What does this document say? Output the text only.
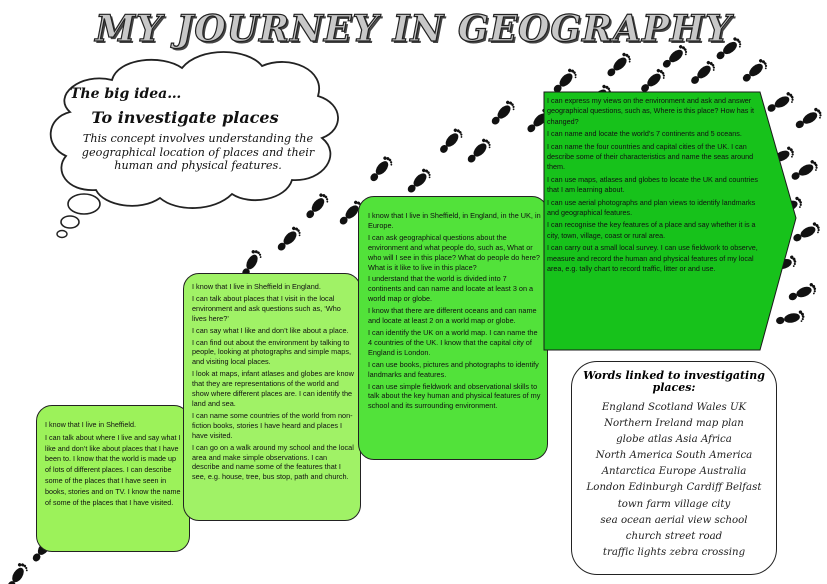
MY JOURNEY IN GEOGRAPHY
The big idea…
To investigate places
This concept involves understanding the geographical location of places and their human and physical features.

I know that I live in Sheffield.

I can talk about where I live and say what I like and don’t like about places that I have been to. I know that the world is made up of lots of different places. I can describe some of the places that I have seen in books, stories and on TV. I know the name of some of the places that I have visited.

I know that I live in Sheffield in England.

I can talk about places that I visit in the local environment and ask questions such as, ‘Who lives here?’

I can say what I like and don’t like about a place.

I can find out about the environment by talking to people, looking at photographs and simple maps, and visiting local places.

I look at maps, infant atlases and globes are know that they are representations of the world and show where different places are. I can identify the land and sea.

I can name some countries of the world from non-fiction books, stories I have heard and places I have visited.

I can go on a walk around my school and the local area and make simple observations. I can describe and name some of the features that I see, e.g. house, tree, bus stop, path and church.

I know that I live in Sheffield, in England, in the UK, in Europe.

I can ask geographical questions about the environment and what people do, such as, What or who will I see in this place? What do people do here? What is it like to live in this place?

I understand that the world is divided into 7 continents and can name and locate at least 3 on a world map or globe.

I know that there are different oceans and can name and locate at least 2 on a world map or globe.

I can identify the UK on a world map. I can name the 4 countries of the UK. I know that the capital city of England is London.

I can use books, pictures and photographs to identify landmarks and features.

I can use simple fieldwork and observational skills to talk about the key human and physical features of my school and its surrounding environment.

I can express my views on the environment and ask and answer geographical questions, such as, Where is this place? How has it changed?

I can name and locate the world’s 7 continents and 5 oceans.

I can name the four countries and capital cities of the UK. I can describe some of their characteristics and name the seas around them.

I can use maps, atlases and globes to locate the UK and countries that I am learning about.

I can use aerial photographs and plan views to identify landmarks and geographical features.

I can recognise the key features of a place and say whether it is a city, town, village, coast or rural area.

I can carry out a small local survey. I can use fieldwork to observe, measure and record the human and physical features of my local area, e.g. tally chart to record traffic, litter or and use.

Words linked to investigating places:
England Scotland Wales UK
Northern Ireland map plan
globe atlas Asia Africa
North America South America
Antarctica Europe Australia
London Edinburgh Cardiff Belfast
town farm village city
sea ocean aerial view school
church street road
traffic lights zebra crossing
